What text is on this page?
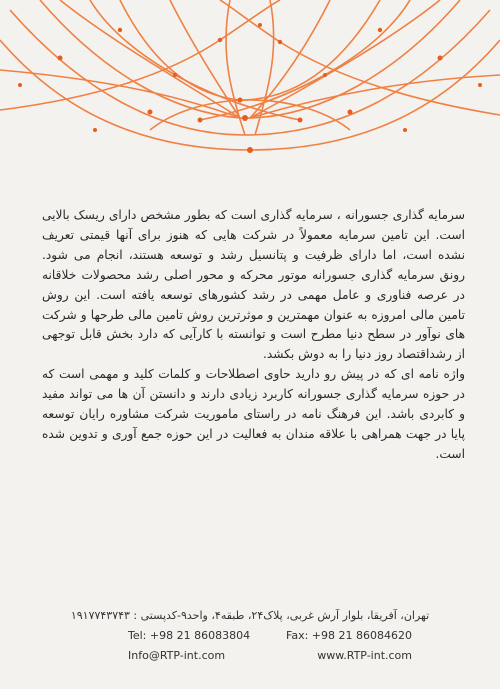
سرمایه گذاری جسورانه ، سرمایه گذاری است که بطور مشخص دارای ریسک بالایی است. این تامین سرمایه معمولاً در شرکت هایی که هنوز برای آنها قیمتی تعریف نشده است، اما دارای ظرفیت و پتانسیل رشد و توسعه هستند، انجام می شود. رونق سرمایه گذاری جسورانه موتور محرکه و محور اصلی رشد محصولات خلاقانه در عرصه فناوری و عامل مهمی در رشد کشورهای توسعه یافته است. این روش تامین مالی امروزه به عنوان مهمترین و موثرترین روش تامین مالی طرحها و شرکت های نوآور در سطح دنیا مطرح است و توانسته با کارآیی که دارد بخش قابل توجهی از رشداقتصاد روز دنیا را به دوش بکشد.

واژه نامه ای که در پیش رو دارید حاوی اصطلاحات و کلمات کلید و مهمی است که در حوزه سرمایه گذاری جسورانه کاربرد زیادی دارند و دانستن آن ها می تواند مفید و کابردی باشد. این فرهنگ نامه در راستای ماموریت شرکت مشاوره رایان توسعه پایا در جهت همراهی با علاقه مندان به فعالیت در این حوزه جمع آوری و تدوین شده است.

تهران، آفریقا، بلوار آرش غربی، پلاک۲۴، طبقه۴، واحد۹-کدپستی : ۱۹۱۷۷۴۳۷۴۳
Tel: +98 21 86083804	Fax: +98 21 86084620
Info@RTP-int.com	www.RTP-int.com
